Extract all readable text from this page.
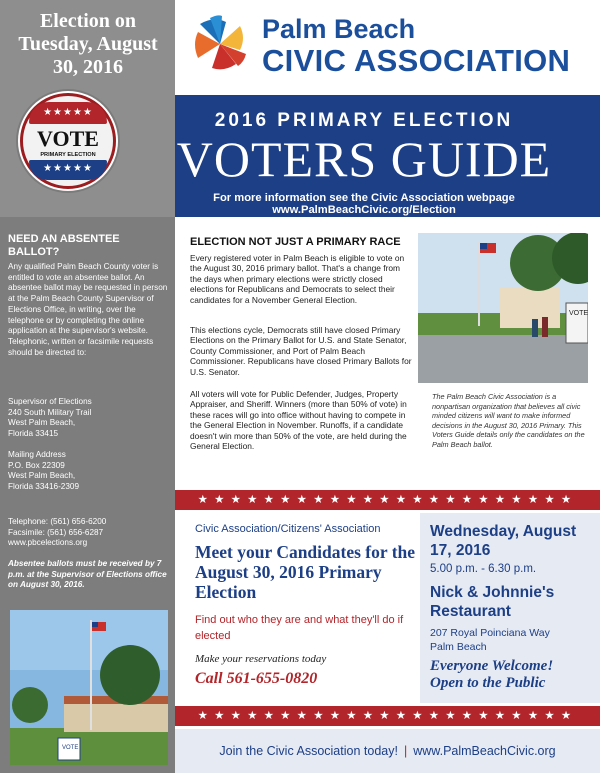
Election on Tuesday, August 30, 2016
Palm Beach
CIVIC ASSOCIATION
2016 PRIMARY ELECTION
VOTERS GUIDE
For more information see the Civic Association webpage www.PalmBeachCivic.org/Election
★★★★★
VOTE
PRIMARY ELECTION
★★★★★
NEED AN ABSENTEE BALLOT?
Any qualified Palm Beach County voter is entitled to vote an absentee ballot. An absentee ballot may be requested in person at the Palm Beach County Supervisor of Elections Office, in writing, over the telephone or by completing the online application at the supervisor's website. Telephonic, written or facsimile requests should be directed to:
Supervisor of Elections
240 South Military Trail
West Palm Beach,
Florida 33415
Mailing Address
P.O. Box 22309
West Palm Beach,
Florida 33416-2309
Telephone: (561) 656-6200
Facsimile: (561) 656-6287
www.pbcelections.org
Absentee ballots must be received by 7 p.m. at the Supervisor of Elections office on August 30, 2016.
VOTE
ELECTION NOT JUST A PRIMARY RACE
Every registered voter in Palm Beach is eligible to vote on the August 30, 2016 primary ballot. That's a change from the days when primary elections were strictly closed elections for Republicans and Democrats to select their candidates for a November General Election.
This elections cycle, Democrats still have closed Primary Elections on the Primary Ballot for U.S. and State Senator, County Commissioner, and Port of Palm Beach Commissioner. Republicans have closed Primary Ballots for U.S. Senator.
All voters will vote for Public Defender, Judges, Property Appraiser, and Sheriff. Winners (more than 50% of vote) in these races will go into office without having to compete in the General Election in November. Runoffs, if a candidate doesn't win more than 50% of the vote, are held during the General Election.
VOTE
The Palm Beach Civic Association is a nonpartisan organization that believes all civic minded citizens will want to make informed decisions in the August 30, 2016 Primary. This Voters Guide details only the candidates on the Palm Beach ballot.
★★★★★★★★★★★★★★★★★★★★★★★
Civic Association/Citizens' Association
Meet your Candidates for the August 30, 2016 Primary Election
Find out who they are and what they'll do if elected
Make your reservations today
Call 561-655-0820
Wednesday, August 17, 2016
5.00 p.m. - 6.30 p.m.
Nick & Johnnie's Restaurant
207 Royal Poinciana Way
Palm Beach
Everyone Welcome!
Open to the Public
★★★★★★★★★★★★★★★★★★★★★★★
Join the Civic Association today! | www.PalmBeachCivic.org
